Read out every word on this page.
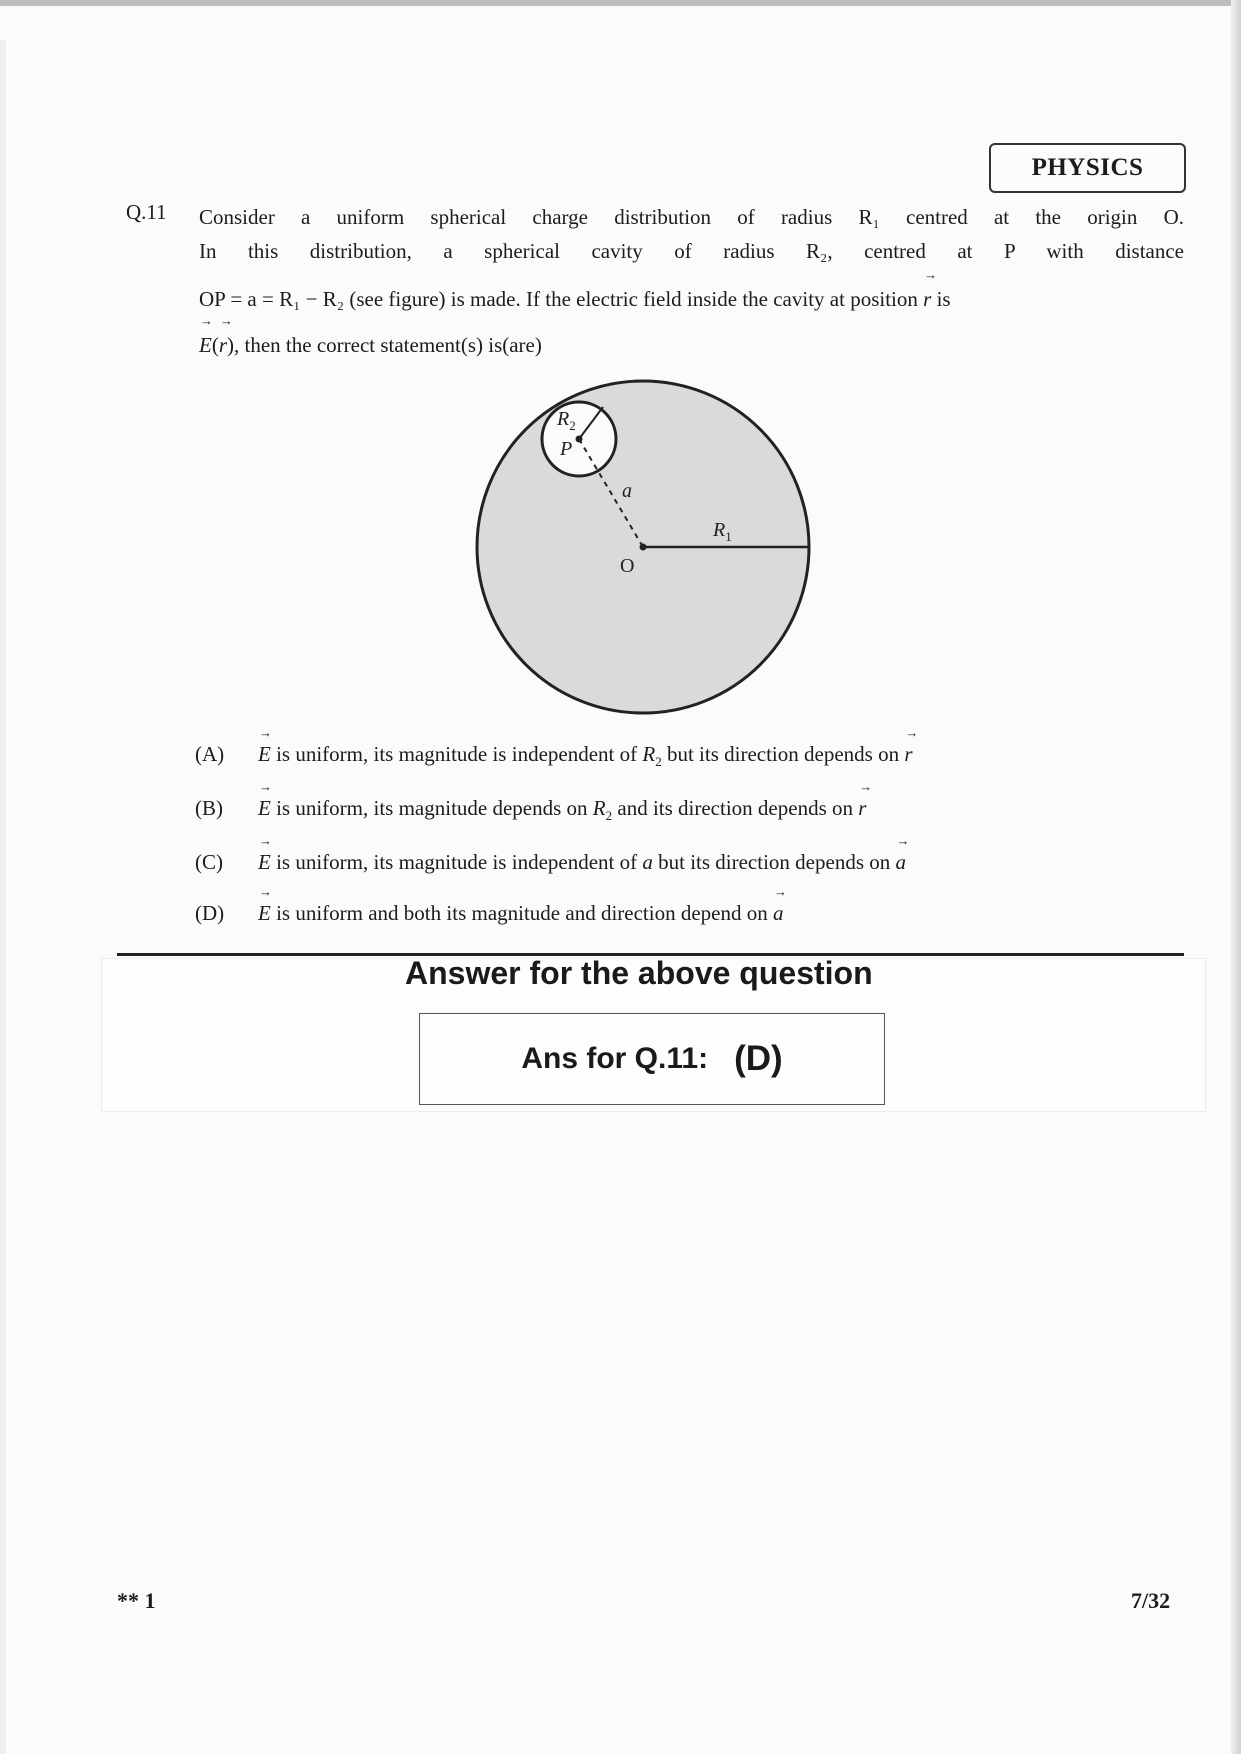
PHYSICS
Q.11 Consider a uniform spherical charge distribution of radius R₁ centred at the origin O.
In this distribution, a spherical cavity of radius R₂, centred at P with distance
OP = a = R₁ − R₂ (see figure) is made. If the electric field inside the cavity at position → r is
→ E(→ r), then the correct statement(s) is(are)
$R_2$
P
a
$R_1$
O
(A) → E is uniform, its magnitude is independent of $R_2$ but its direction depends on → r
(B) → E is uniform, its magnitude depends on $R_2$ and its direction depends on → r
(C) → E is uniform, its magnitude is independent of a but its direction depends on → a
(D) → E is uniform and both its magnitude and direction depend on → a
Answer for the above question
Ans for Q.11: (D)
** 1	7/32
